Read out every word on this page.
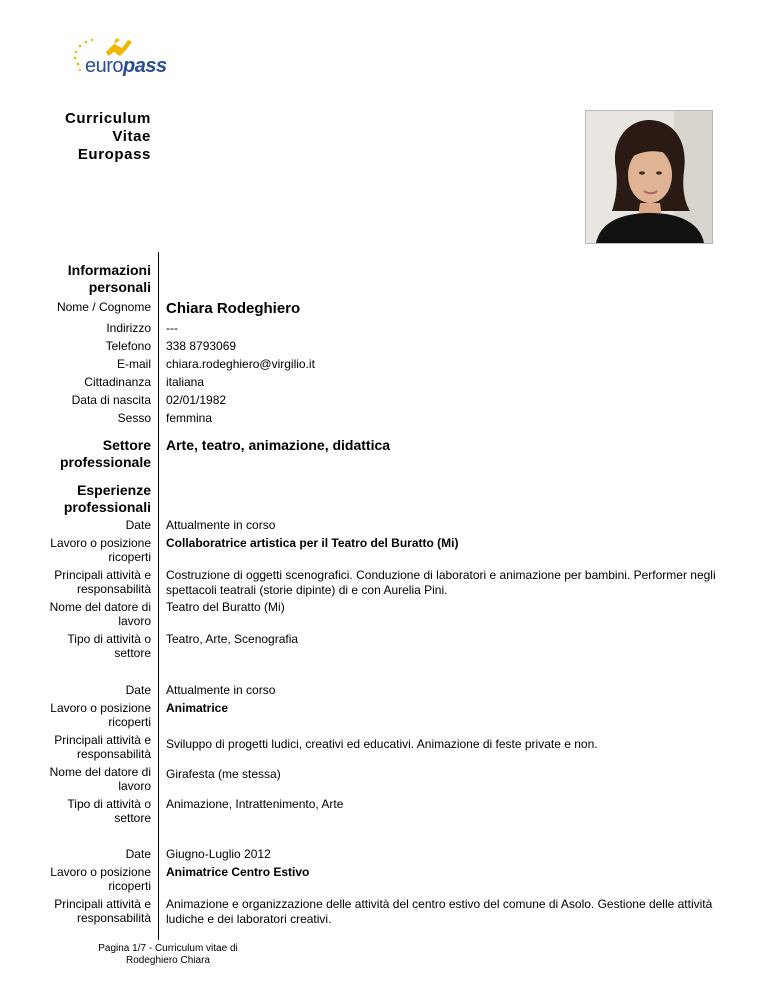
europass
Curriculum
Vitae
Europass
Informazioni personali
Nome / Cognome Chiara Rodeghiero
Indirizzo ---
Telefono 338 8793069
E-mail chiara.rodeghiero@virgilio.it
Cittadinanza italiana
Data di nascita 02/01/1982
Sesso femmina
Settore professionale
Arte, teatro, animazione, didattica
Esperienze professionali
Date Attualmente in corso
Lavoro o posizione ricoperti
Collaboratrice artistica per il Teatro del Buratto (Mi)
Principali attività e responsabilità
Costruzione di oggetti scenografici. Conduzione di laboratori e animazione per bambini. Performer negli spettacoli teatrali (storie dipinte) di e con Aurelia Pini.
Nome del datore di lavoro
Teatro del Buratto (Mi)
Tipo di attività o settore
Teatro, Arte, Scenografia
Date Attualmente in corso
Lavoro o posizione ricoperti
Animatrice
Principali attività e responsabilità
Sviluppo di progetti ludici, creativi ed educativi. Animazione di feste private e non.
Nome del datore di lavoro
Girafesta (me stessa)
Tipo di attività o settore
Animazione, Intrattenimento, Arte
Date Giugno-Luglio 2012
Lavoro o posizione ricoperti
Animatrice Centro Estivo
Principali attività e responsabilità
Animazione e organizzazione delle attività del centro estivo del comune di Asolo. Gestione delle attività ludiche e dei laboratori creativi.
Pagina 1/7 - Curriculum vitae di
Rodeghiero Chiara
